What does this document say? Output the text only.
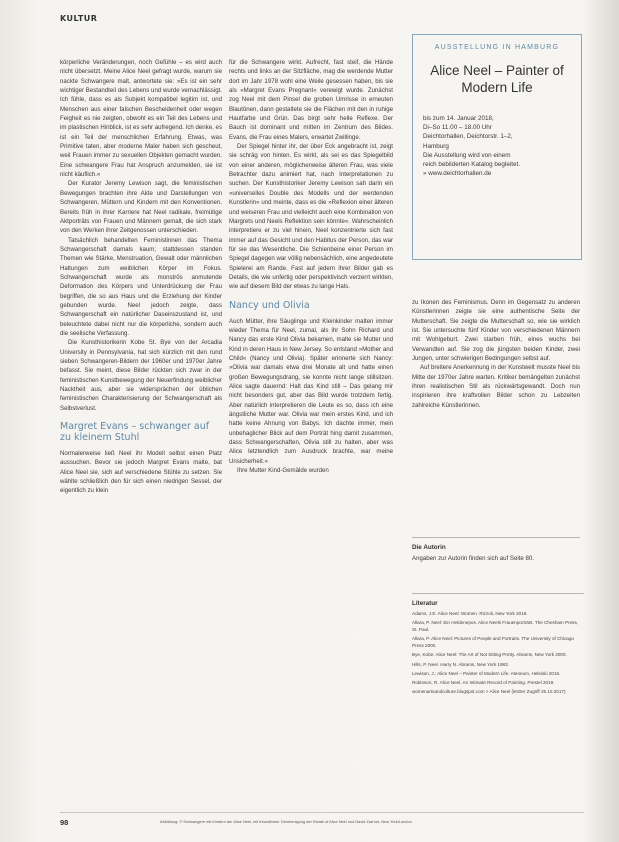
KULTUR

körperliche Veränderungen, noch Gefühle – es wird auch nicht übersetzt. Meine Alice Neel gefragt wurde, warum sie nackte Schwangere malt, antwortete sie: »Es ist ein sehr wichtiger Bestandteil des Lebens und wurde vernachlässigt. Ich fühle, dass es als Subjekt kompatibel legitim ist, und Menschen aus einer falschen Bescheidenheit oder wegen Feigheit es nie zeigten, obwohl es ein Teil des Lebens und im plastischen Hinblick, ist es sehr aufregend. Ich denke, es ist ein Teil der menschlichen Erfahrung. Etwas, was Primitive taten, aber moderne Maler haben sich gescheut, weil Frauen immer zu sexuellen Objekten gemacht wurden. Eine schwangere Frau hat Anspruch anzumelden, sie ist nicht käuflich.«

Der Kurator Jeremy Lewison sagt, die feministischen Bewegungen brachten ihre Akte und Darstellungen von Schwangeren, Müttern und Kindern mit den Konventionen. Bereits früh in ihrer Karriere hat Neel radikale, freimütige Aktporträts von Frauen und Männern gemalt, die sich stark von den Werken ihrer Zeitgenossen unterschieden.

Tatsächlich behandelten Feministinnen das Thema Schwangerschaft damals kaum; stattdessen standen Themen wie Stärke, Menstruation, Gewalt oder männlichen Haltungen zum weiblichen Körper im Fokus. Schwangerschaft wurde als monströs anmutende Deformation des Körpers und Unterdrückung der Frau begriffen, die so aus Haus und die Erziehung der Kinder gebunden wurde. Neel jedoch zeigte, dass Schwangerschaft ein natürlicher Daseinszustand ist, und beleuchtete dabei nicht nur die körperliche, sondern auch die seelische Verfassung.

Die Kunsthistorikerin Kobe St. Bye von der Arcadia University in Pennsylvania, hat sich kürzlich mit den rund sieben Schwangeren-Bildern der 1960er und 1970er Jahre befasst. Sie meint, diese Bilder rückten sich zwar in der feministischen Kunstbewegung der Neuerfindung weiblicher Nacktheit aus, aber sie widersprächen der üblichen feministischen Charakterisierung der Schwangerschaft als Selbstverlust.

Margret Evans – schwanger auf zu kleinem Stuhl

Normalerweise ließ Neel ihr Modell selbst einen Platz aussuchen. Bevor sie jedoch Margret Evans malte, bat Alice Neel sie, sich auf verschiedene Stühle zu setzen. Sie wählte schließlich den für sich einen niedrigen Sessel, der eigentlich zu klein

für die Schwangere wirkt. Aufrecht, fast steif, die Hände rechts und links an der Sitzfläche, mag die werdende Mutter dort im Jahr 1978 wohl eine Weile gesessen haben, bis sie als »Margret Evans Pregnant« verewigt wurde. Zunächst zog Neel mit dem Pinsel die groben Umrisse in erneuten Blautönen, dann gestaltete sie die Flächen mit den in ruhige Hautfarbe und Grün. Das birgt sehr helle Reflexe. Der Bauch ist dominant und mitten im Zentrum des Bildes. Evans, die Frau eines Malers, erwartet Zwillinge.

Der Spiegel hinter ihr, der über Eck angebracht ist, zeigt sie schräg von hinten. Es wirkt, als sei es das Spiegelbild von einer anderen, möglicherweise älteren Frau, was viele Betrachter dazu animiert hat, nach Interpretationen zu suchen. Der Kunsthistoriker Jeremy Lewison sah darin ein »universelles Double des Modells und der werdenden Kunstlerin« und meinte, dass es die »Reflexion einer älteren und weiseren Frau und vielleicht auch eine Kombination von Margrets und Neels Reflektion sein könnte«. Wahrscheinlich interpretiere er zu viel hinein, Neel konzentrierte sich fast immer auf das Gesicht und den Habitus der Person, das war für sie das Wesentliche. Die Schienbeine einer Person im Spiegel dagegen war völlig nebensächlich, eine angedeutete Spielerei am Rande. Fast auf jedem ihrer Bilder gab es Details, die wie unfertig oder perspektivisch verzerrt wirkten, wie auf diesem Bild der etwas zu lange Hals.

Nancy und Olivia

Auch Mütter, ihre Säuglinge und Kleinkinder malten immer wieder Thema für Neel, zumal, als ihr Sohn Richard und Nancy das erste Kind Olivia bekamen, malte sie Mutter und Kind in deren Haus in New Jersey. So entstand »Mother and Child« (Nancy und Olivia). Später erinnerte sich Nancy: »Olivia war damals etwa drei Monate alt und hatte einen großen Bewegungsdrang, sie konnte nicht lange stillsitzen. Alice sagte dauernd: Halt das Kind still – Das gelang mir nicht besonders gut, aber das Bild wurde trotzdem fertig. Aber natürlich interpretieren die Leute es so, dass ich eine ängstliche Mutter war. Olivia war mein erstes Kind, und ich hatte keine Ahnung von Babys. Ich dachte immer, mein unbehaglicher Blick auf dem Porträt hing damit zusammen, dass Schwangerschaften, Olivia still zu halten, aber was Alice letztendlich zum Ausdruck brachte, war meine Unsicherheit.«

Ihre Mutter Kind-Gemälde wurden

AUSSTELLUNG IN HAMBURG
Alice Neel – Painter of Modern Life
bis zum 14. Januar 2018,
Di–So 11.00 – 18.00 Uhr
Deichtorhallen, Deichtorstr. 1–2,
Hamburg
Die Ausstellung wird von einem
reich bebilderten Katalog begleitet.
» www.deichtorhallen.de

zu Ikonen des Feminismus. Denn im Gegensatz zu anderen Künstlerinnen zeigte sie eine authentische Seite der Mutterschaft. Sie zeigte die Mutterschaft so, wie sie wirklich ist. Sie untersuchte fünf Kinder von verschiedenen Männern mit Wohlgeburt. Zwei starben früh, eines wuchs bei Verwandten auf. Sie zog die jüngsten beiden Kinder, zwei Jungen, unter schwierigen Bedingungen selbst auf.

Auf breitere Anerkennung in der Kunstwelt musste Neel bis Mitte der 1970er Jahre warten. Kritiker bemängelten zunächst ihren realistischen Stil als rückwärtsgewandt. Doch nun inspirieren ihre kraftvollen Bilder schon zu Lebzeiten zahlreiche Künstlerinnen.

Die Autorin
Angaben zur Autorin finden sich auf Seite 80.
Literatur
Adams, J.E. Alice Neel: Women. Rizzoli, New York 2018.
Allara, P. Neel: Ein Heldenepos. Alice Neels Frauenporträts. The Chesham Press, St. Paul.
Allara, P. Alice Neel: Pictures of People and Portraits. The University of Chicago Press 2000.
Bye, Kobe: Alice Neel: The Art of Not Sitting Pretty. Abrams, New York 2000.
Hills, P. Neel. Harry N. Abrams, New York 1983.
Lewison, J.: Alice Neel – Painter of Modern Life. Ateneum, Helsinki 2016.
Robinson, R. Alice Neel. An Intimate Record of Painting. Prestel 2019.
womenartsandculture.blogspot.com > Alice Neel (letzter Zugriff 25.10.2017)
98	Abbildung: © Schwangere mit Kindern der Alice Neel, mit freundlicher Genehmigung der Estate of Alice Neel und David Zwirner, New York/London
